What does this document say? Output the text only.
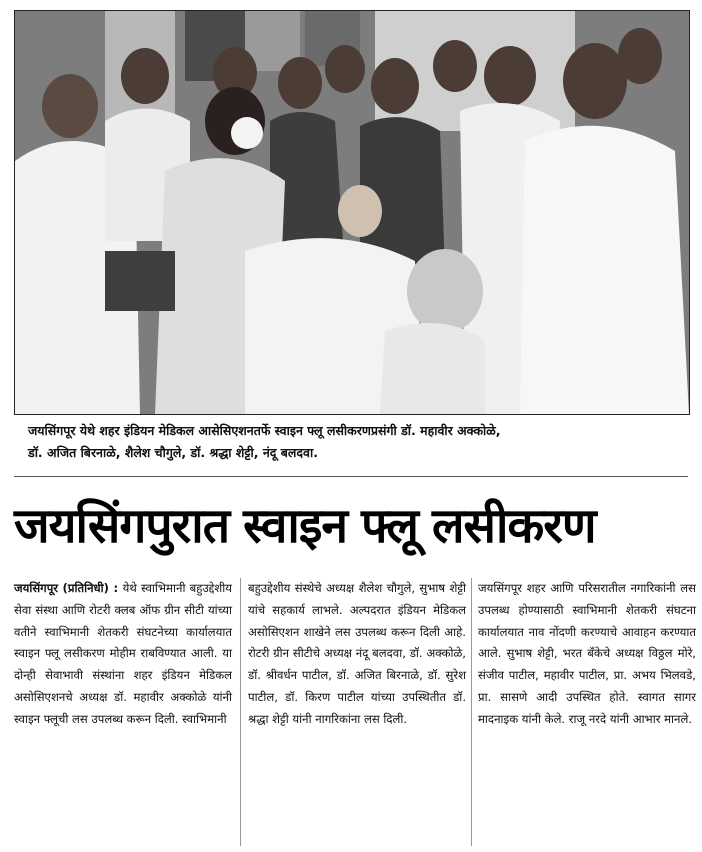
जयसिंगपूर येथे शहर इंडियन मेडिकल आसेसिएशनतर्फे स्वाइन फ्लू लसीकरणप्रसंगी डॉ. महावीर अक्कोळे,
डॉ. अजित बिरनाळे, शैलेश चौगुले, डॉ. श्रद्धा शेट्टी, नंदू बलदवा.
जयसिंगपुरात स्वाइन फ्लू लसीकरण
जयसिंगपूर (प्रतिनिधी) : येथे स्वाभिमानी बहुउद्देशीय सेवा संस्था आणि रोटरी क्लब ऑफ ग्रीन सीटी यांच्या वतीने स्वाभिमानी शेतकरी संघटनेच्या कार्यालयात स्वाइन फ्लू लसीकरण मोहीम राबविण्यात आली. या दोन्ही सेवाभावी संस्थांना शहर इंडियन मेडिकल असोसिएशनचे अध्यक्ष डॉ. महावीर अक्कोळे यांनी स्वाइन फ्लूची लस उपलब्ध करून दिली. स्वाभिमानी
बहुउद्देशीय संस्थेचे अध्यक्ष शैलेश चौगुले, सुभाष शेट्टी यांचे सहकार्य लाभले. अल्पदरात इंडियन मेडिकल असोसिएशन शाखेने लस उपलब्ध करून दिली आहे. रोटरी ग्रीन सीटीचे अध्यक्ष नंदू बलदवा, डॉ. अक्कोळे, डॉ. श्रीवर्धन पाटील, डॉ. अजित बिरनाळे, डॉ. सुरेश पाटील, डॉ. किरण पाटील यांच्या उपस्थितीत डॉ. श्रद्धा शेट्टी यांनी नागरिकांना लस दिली.
जयसिंगपूर शहर आणि परिसरातील नगारिकांनी लस उपलब्ध होण्यासाठी स्वाभिमानी शेतकरी संघटना कार्यालयात नाव नोंदणी करण्याचे आवाहन करण्यात आले. सुभाष शेट्टी, भरत बँकेचे अध्यक्ष विठ्ठल मोरे, संजीव पाटील, महावीर पाटील, प्रा. अभय भिलवडे, प्रा. सासणे आदी उपस्थित होते. स्वागत सागर मादनाइक यांनी केले. राजू नरदे यांनी आभार मानले.
